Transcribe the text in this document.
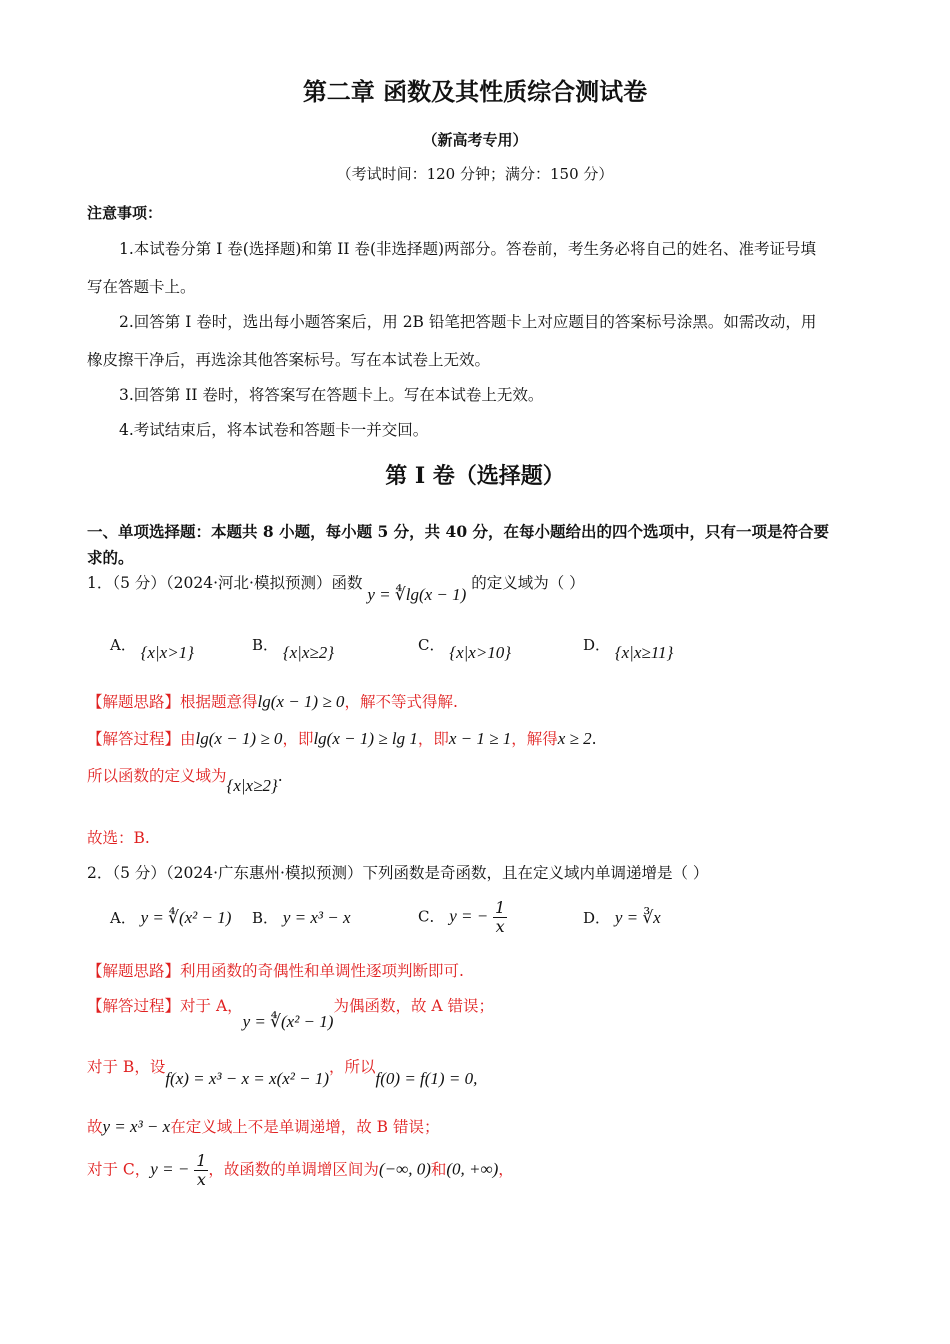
第二章 函数及其性质综合测试卷
（新高考专用）
（考试时间：120 分钟；满分：150 分）
注意事项：
1.本试卷分第 I 卷(选择题)和第 II 卷(非选择题)两部分。答卷前，考生务必将自己的姓名、准考证号填
写在答题卡上。
2.回答第 I 卷时，选出每小题答案后，用 2B 铅笔把答题卡上对应题目的答案标号涂黑。如需改动，用
橡皮擦干净后，再选涂其他答案标号。写在本试卷上无效。
3.回答第 II 卷时，将答案写在答题卡上。写在本试卷上无效。
4.考试结束后，将本试卷和答题卡一并交回。
第 I 卷（选择题）
一、单项选择题：本题共 8 小题，每小题 5 分，共 40 分，在每小题给出的四个选项中，只有一项是符合要
求的。
1．（5 分）（2024·河北·模拟预测）函数 y = ∜lg(x − 1) 的定义域为（ ）
A． {x|x>1}	B． {x|x≥2}	C． {x|x>10}	D． {x|x≥11}
【解题思路】根据题意得lg(x − 1) ≥ 0，解不等式得解.
【解答过程】由lg(x − 1) ≥ 0，即lg(x − 1) ≥ lg 1，即x − 1 ≥ 1，解得x ≥ 2.
所以函数的定义域为{x|x≥2}.
故选：B.
2．（5 分）（2024·广东惠州·模拟预测）下列函数是奇函数，且在定义域内单调递增是（ ）
A． y = ∜(x² − 1) B． y = x³ − x	C． y = − $\frac{1}{x}$	D． y = ∛x
【解题思路】利用函数的奇偶性和单调性逐项判断即可.
【解答过程】对于 A，y = ∜(x² − 1)为偶函数，故 A 错误；
对于 B，设f(x) = x³ − x = x(x² − 1)，所以f(0) = f(1) = 0,
故y = x³ − x在定义域上不是单调递增，故 B 错误；
对于 C，y = − $\frac{1}{x}$ ，故函数的单调增区间为(−∞, 0)和(0, +∞)，
